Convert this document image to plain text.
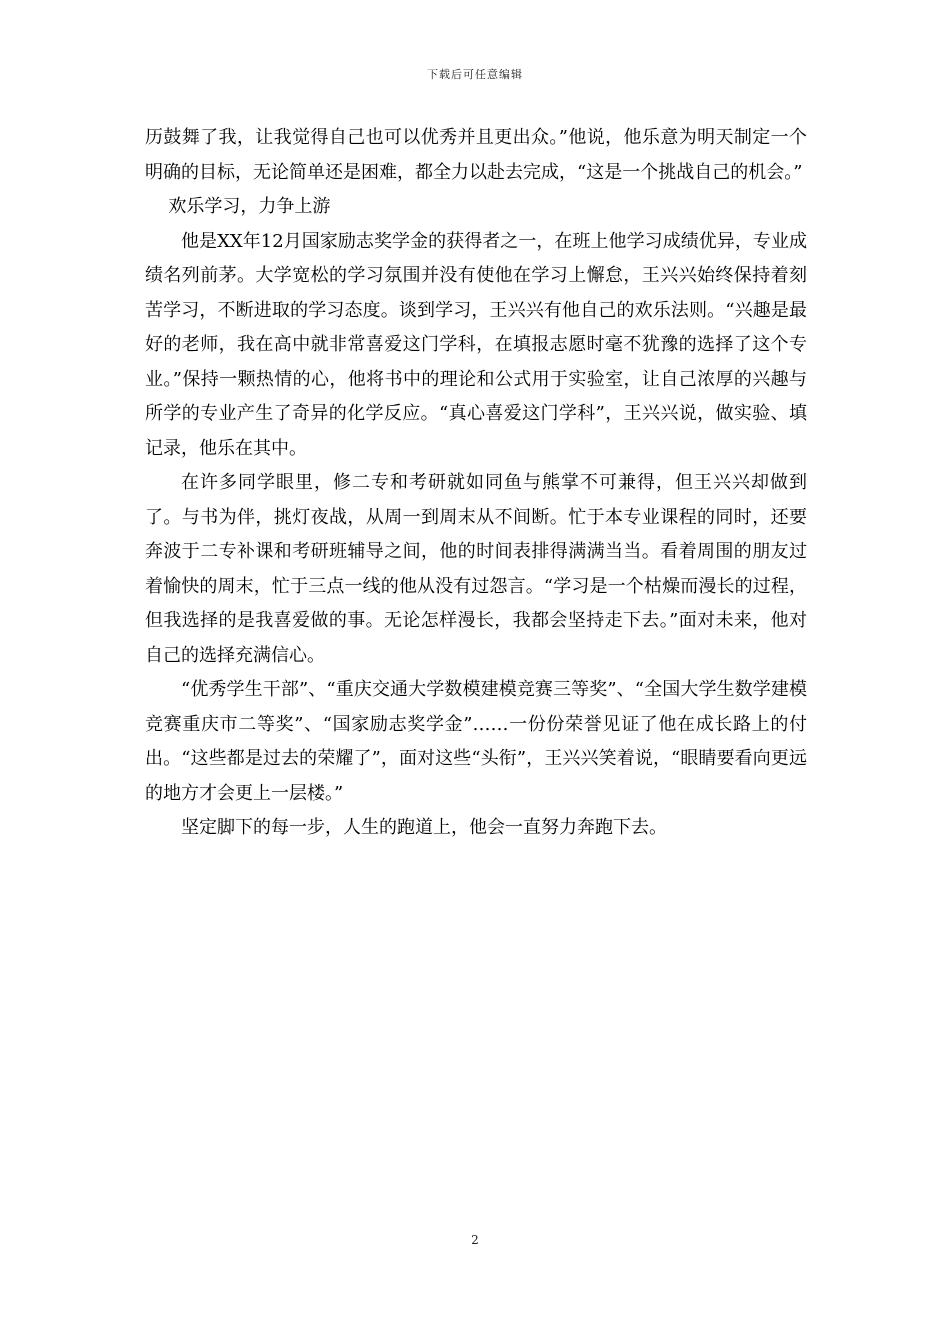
下载后可任意编辑

历鼓舞了我，让我觉得自己也可以优秀并且更出众。”他说，他乐意为明天制定一个明确的目标，无论简单还是困难，都全力以赴去完成，“这是一个挑战自己的机会。”

欢乐学习，力争上游

他是XX年12月国家励志奖学金的获得者之一，在班上他学习成绩优异，专业成绩名列前茅。大学宽松的学习氛围并没有使他在学习上懈怠，王兴兴始终保持着刻苦学习，不断进取的学习态度。谈到学习，王兴兴有他自己的欢乐法则。“兴趣是最好的老师，我在高中就非常喜爱这门学科，在填报志愿时毫不犹豫的选择了这个专业。”保持一颗热情的心，他将书中的理论和公式用于实验室，让自己浓厚的兴趣与所学的专业产生了奇异的化学反应。“真心喜爱这门学科”，王兴兴说，做实验、填记录，他乐在其中。

在许多同学眼里，修二专和考研就如同鱼与熊掌不可兼得，但王兴兴却做到了。与书为伴，挑灯夜战，从周一到周末从不间断。忙于本专业课程的同时，还要奔波于二专补课和考研班辅导之间，他的时间表排得满满当当。看着周围的朋友过着愉快的周末，忙于三点一线的他从没有过怨言。“学习是一个枯燥而漫长的过程，但我选择的是我喜爱做的事。无论怎样漫长，我都会坚持走下去。”面对未来，他对自己的选择充满信心。

“优秀学生干部”、“重庆交通大学数模建模竞赛三等奖”、“全国大学生数学建模竞赛重庆市二等奖”、“国家励志奖学金”……一份份荣誉见证了他在成长路上的付出。“这些都是过去的荣耀了”，面对这些“头衔”，王兴兴笑着说，“眼睛要看向更远的地方才会更上一层楼。”

坚定脚下的每一步，人生的跑道上，他会一直努力奔跑下去。

2
